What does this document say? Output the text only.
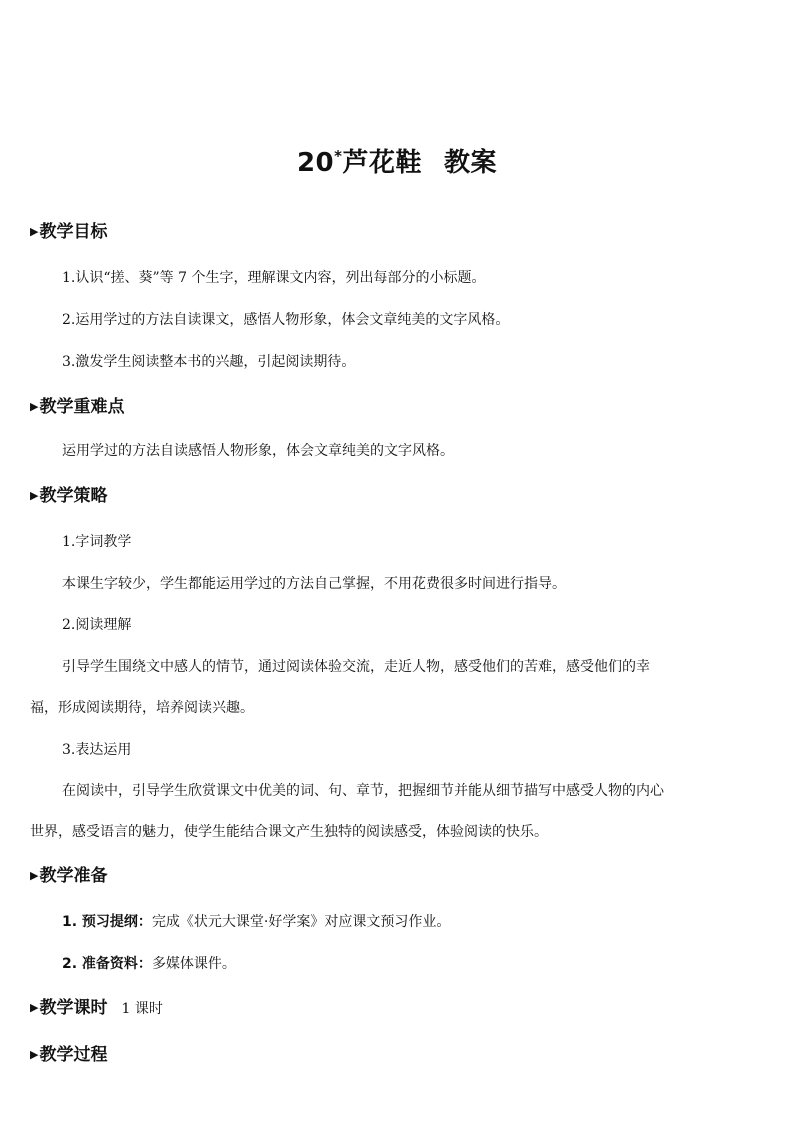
20*芦花鞋 教案
▶教学目标
1.认识“搓、葵”等 7 个生字，理解课文内容，列出每部分的小标题。
2.运用学过的方法自读课文，感悟人物形象，体会文章纯美的文字风格。
3.激发学生阅读整本书的兴趣，引起阅读期待。
▶教学重难点
运用学过的方法自读感悟人物形象，体会文章纯美的文字风格。
▶教学策略
1.字词教学
本课生字较少，学生都能运用学过的方法自己掌握，不用花费很多时间进行指导。
2.阅读理解
引导学生围绕文中感人的情节，通过阅读体验交流，走近人物，感受他们的苦难，感受他们的幸
福，形成阅读期待，培养阅读兴趣。
3.表达运用
在阅读中，引导学生欣赏课文中优美的词、句、章节，把握细节并能从细节描写中感受人物的内心
世界，感受语言的魅力，使学生能结合课文产生独特的阅读感受，体验阅读的快乐。
▶教学准备
1. 预习提纲：完成《状元大课堂·好学案》对应课文预习作业。
2. 准备资料：多媒体课件。
▶教学课时 1 课时
▶教学过程
